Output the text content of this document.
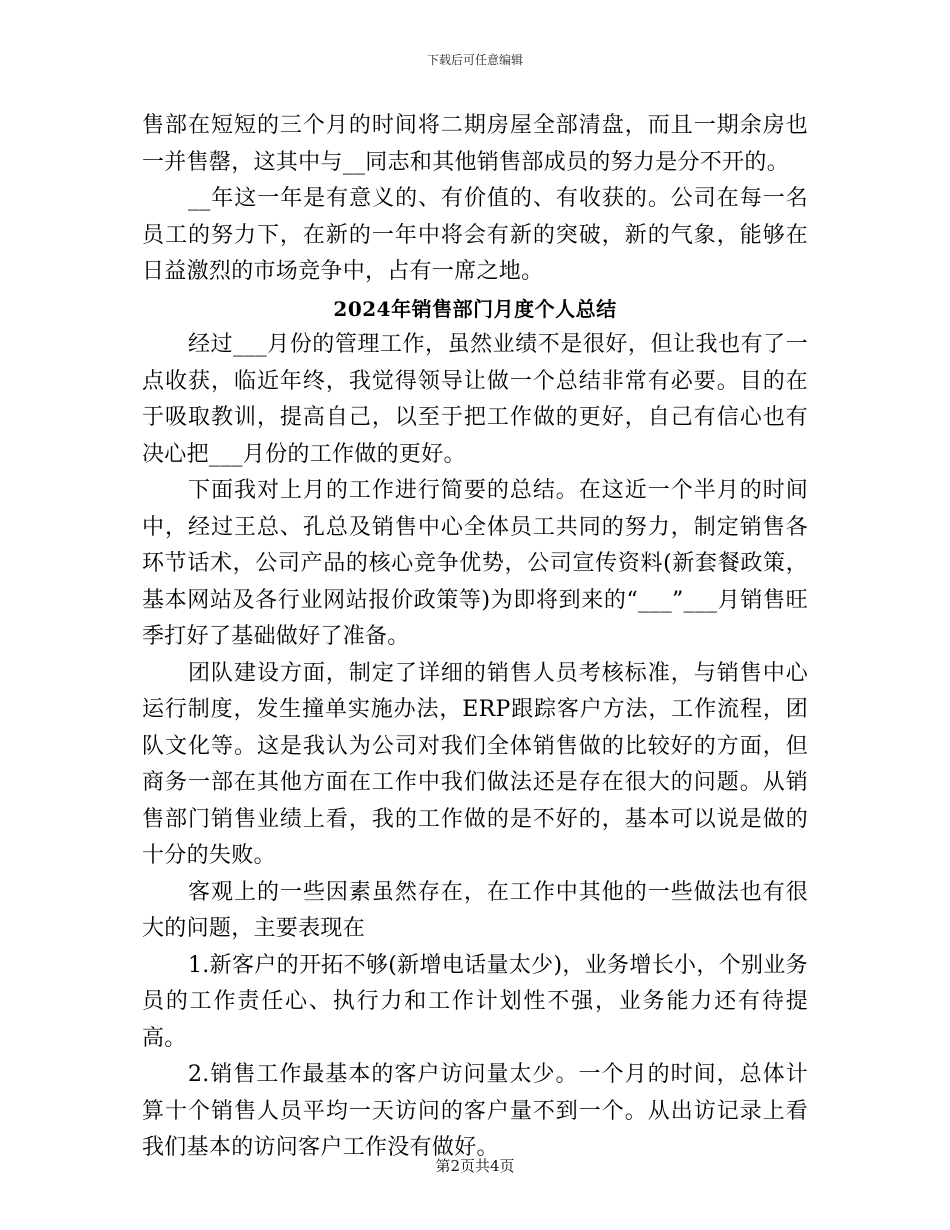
下载后可任意编辑

售部在短短的三个月的时间将二期房屋全部清盘，而且一期余房也一并售罄，这其中与__同志和其他销售部成员的努力是分不开的。

__年这一年是有意义的、有价值的、有收获的。公司在每一名员工的努力下，在新的一年中将会有新的突破，新的气象，能够在日益激烈的市场竞争中，占有一席之地。

2024年销售部门月度个人总结

经过___月份的管理工作，虽然业绩不是很好，但让我也有了一点收获，临近年终，我觉得领导让做一个总结非常有必要。目的在于吸取教训，提高自己，以至于把工作做的更好，自己有信心也有决心把___月份的工作做的更好。

下面我对上月的工作进行简要的总结。在这近一个半月的时间中，经过王总、孔总及销售中心全体员工共同的努力，制定销售各环节话术，公司产品的核心竞争优势，公司宣传资料(新套餐政策，基本网站及各行业网站报价政策等)为即将到来的“___”___月销售旺季打好了基础做好了准备。

团队建设方面，制定了详细的销售人员考核标准，与销售中心运行制度，发生撞单实施办法，ERP跟踪客户方法，工作流程，团队文化等。这是我认为公司对我们全体销售做的比较好的方面，但商务一部在其他方面在工作中我们做法还是存在很大的问题。从销售部门销售业绩上看，我的工作做的是不好的，基本可以说是做的十分的失败。

客观上的一些因素虽然存在，在工作中其他的一些做法也有很大的问题，主要表现在

1.新客户的开拓不够(新增电话量太少)，业务增长小，个别业务员的工作责任心、执行力和工作计划性不强，业务能力还有待提高。

2.销售工作最基本的客户访问量太少。一个月的时间，总体计算十个销售人员平均一天访问的客户量不到一个。从出访记录上看我们基本的访问客户工作没有做好。

第2页共4页
